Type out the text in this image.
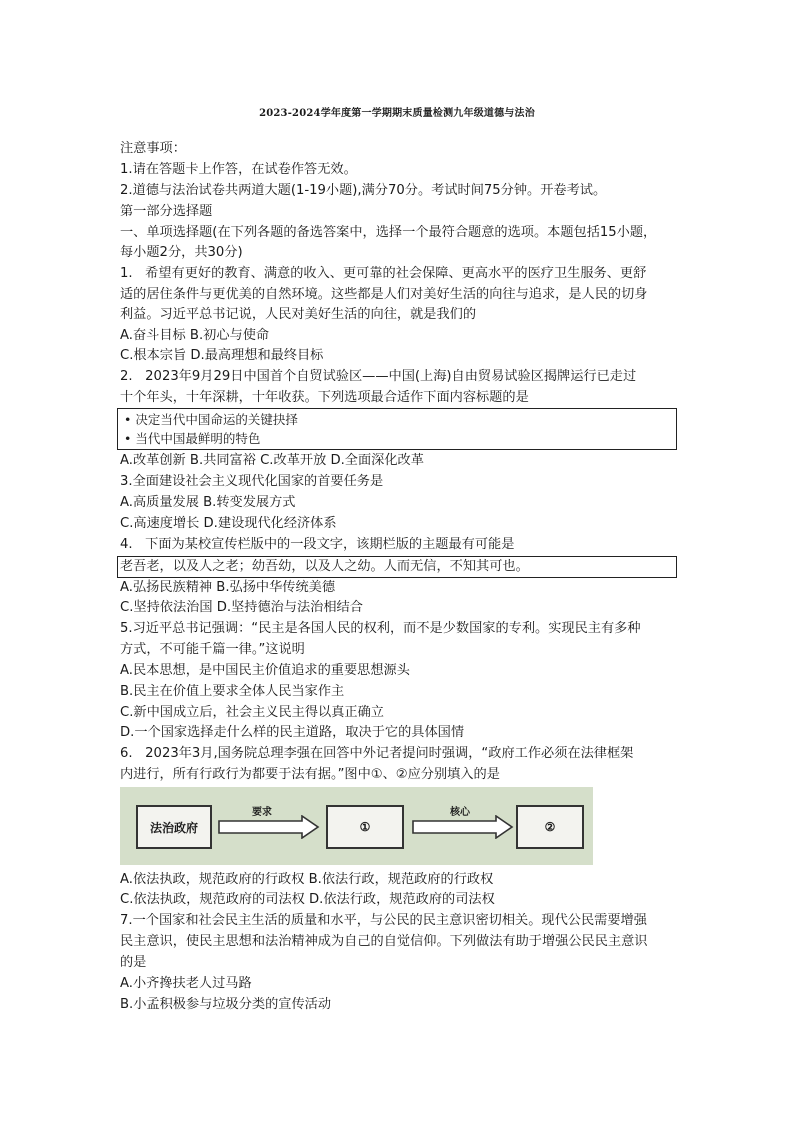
2023-2024学年度第一学期期末质量检测九年级道德与法治
注意事项：
1.请在答题卡上作答，在试卷作答无效。
2.道德与法治试卷共两道大题(1-19小题),满分70分。考试时间75分钟。开卷考试。
第一部分选择题
一、单项选择题(在下列各题的备选答案中，选择一个最符合题意的选项。本题包括15小题，
每小题2分，共30分)
1.   希望有更好的教育、满意的收入、更可靠的社会保障、更高水平的医疗卫生服务、更舒
适的居住条件与更优美的自然环境。这些都是人们对美好生活的向往与追求，是人民的切身
利益。习近平总书记说，人民对美好生活的向往，就是我们的
A.奋斗目标 B.初心与使命
C.根本宗旨 D.最高理想和最终目标
2.   2023年9月29日中国首个自贸试验区——中国(上海)自由贸易试验区揭牌运行已走过
十个年头，十年深耕，十年收获。下列选项最合适作下面内容标题的是
• 决定当代中国命运的关键抉择
• 当代中国最鲜明的特色
A.改革创新 B.共同富裕 C.改革开放 D.全面深化改革
3.全面建设社会主义现代化国家的首要任务是
A.高质量发展 B.转变发展方式
C.高速度增长 D.建设现代化经济体系
4.   下面为某校宣传栏版中的一段文字，该期栏版的主题最有可能是
老吾老，以及人之老；幼吾幼，以及人之幼。人而无信，不知其可也。
A.弘扬民族精神 B.弘扬中华传统美德
C.坚持依法治国 D.坚持德治与法治相结合
5.习近平总书记强调：“民主是各国人民的权利，而不是少数国家的专利。实现民主有多种
方式，不可能千篇一律。”这说明
A.民本思想，是中国民主价值追求的重要思想源头
B.民主在价值上要求全体人民当家作主
C.新中国成立后，社会主义民主得以真正确立
D.一个国家选择走什么样的民主道路，取决于它的具体国情
6.   2023年3月,国务院总理李强在回答中外记者提问时强调，“政府工作必须在法律框架
内进行，所有行政行为都要于法有据。”图中①、②应分别填入的是
法治政府
要求
①
核心
②
A.依法执政，规范政府的行政权 B.依法行政，规范政府的行政权
C.依法执政，规范政府的司法权 D.依法行政，规范政府的司法权
7.一个国家和社会民主生活的质量和水平，与公民的民主意识密切相关。现代公民需要增强
民主意识，使民主思想和法治精神成为自己的自觉信仰。下列做法有助于增强公民民主意识
的是
A.小齐搀扶老人过马路
B.小孟积极参与垃圾分类的宣传活动
